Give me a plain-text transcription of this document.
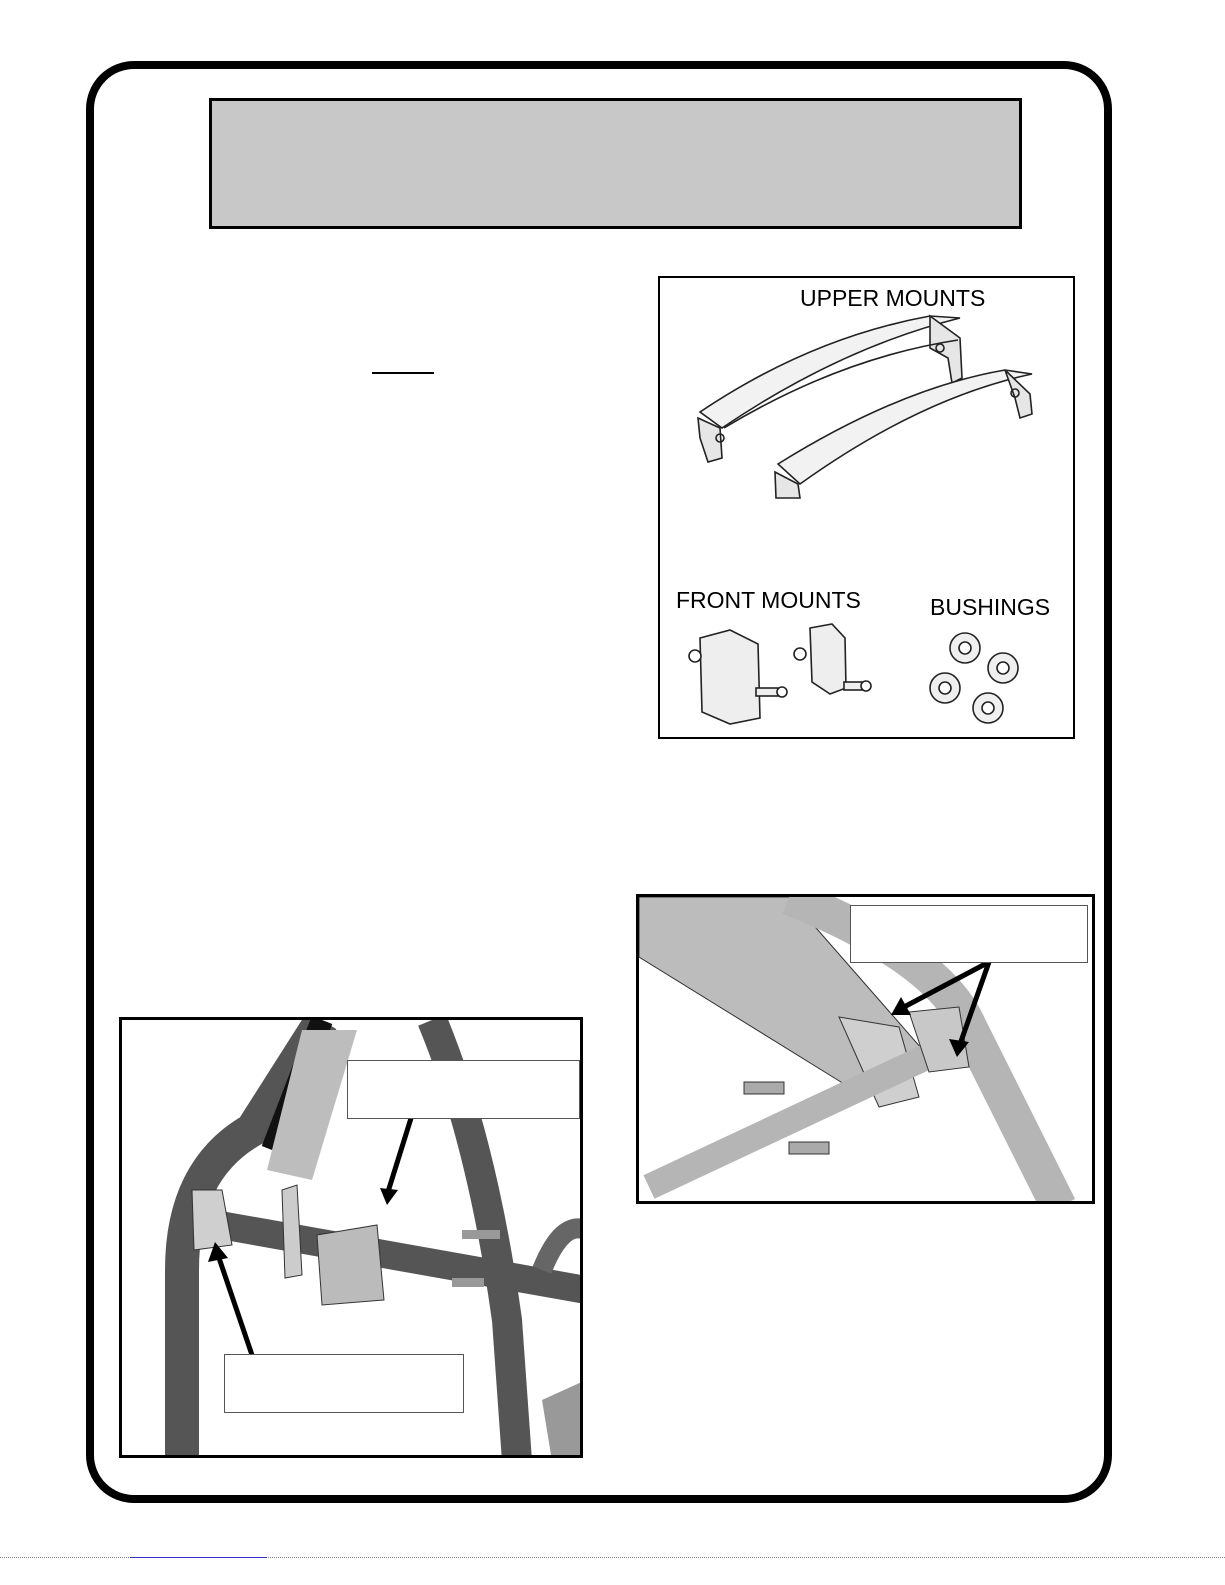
UPPER MOUNTS
FRONT MOUNTS	BUSHINGS
